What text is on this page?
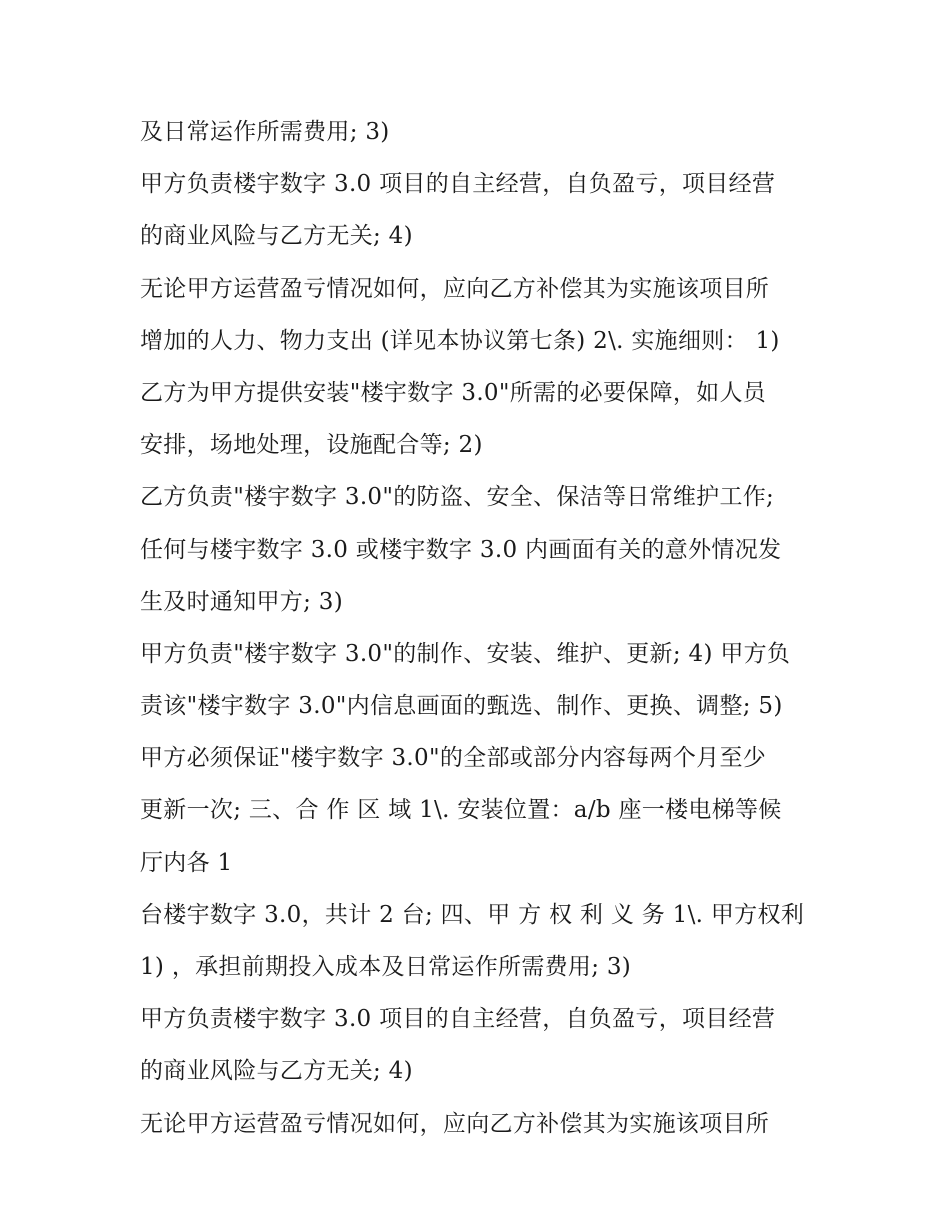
及日常运作所需费用; 3)
甲方负责楼宇数字 3.0 项目的自主经营，自负盈亏，项目经营
的商业风险与乙方无关; 4)
无论甲方运营盈亏情况如何，应向乙方补偿其为实施该项目所
增加的人力、物力支出 (详见本协议第七条) 2\. 实施细则： 1)
乙方为甲方提供安装"楼宇数字 3.0"所需的必要保障，如人员
安排，场地处理，设施配合等; 2)
乙方负责"楼宇数字 3.0"的防盗、安全、保洁等日常维护工作;
任何与楼宇数字 3.0 或楼宇数字 3.0 内画面有关的意外情况发
生及时通知甲方; 3)
甲方负责"楼宇数字 3.0"的制作、安装、维护、更新; 4) 甲方负
责该"楼宇数字 3.0"内信息画面的甄选、制作、更换、调整; 5)
甲方必须保证"楼宇数字 3.0"的全部或部分内容每两个月至少
更新一次; 三、合 作 区 域 1\. 安装位置：a/b 座一楼电梯等候
厅内各 1
台楼宇数字 3.0，共计 2 台; 四、甲 方 权 利 义 务 1\. 甲方权利
1) ，承担前期投入成本及日常运作所需费用; 3)
甲方负责楼宇数字 3.0 项目的自主经营，自负盈亏，项目经营
的商业风险与乙方无关; 4)
无论甲方运营盈亏情况如何，应向乙方补偿其为实施该项目所
